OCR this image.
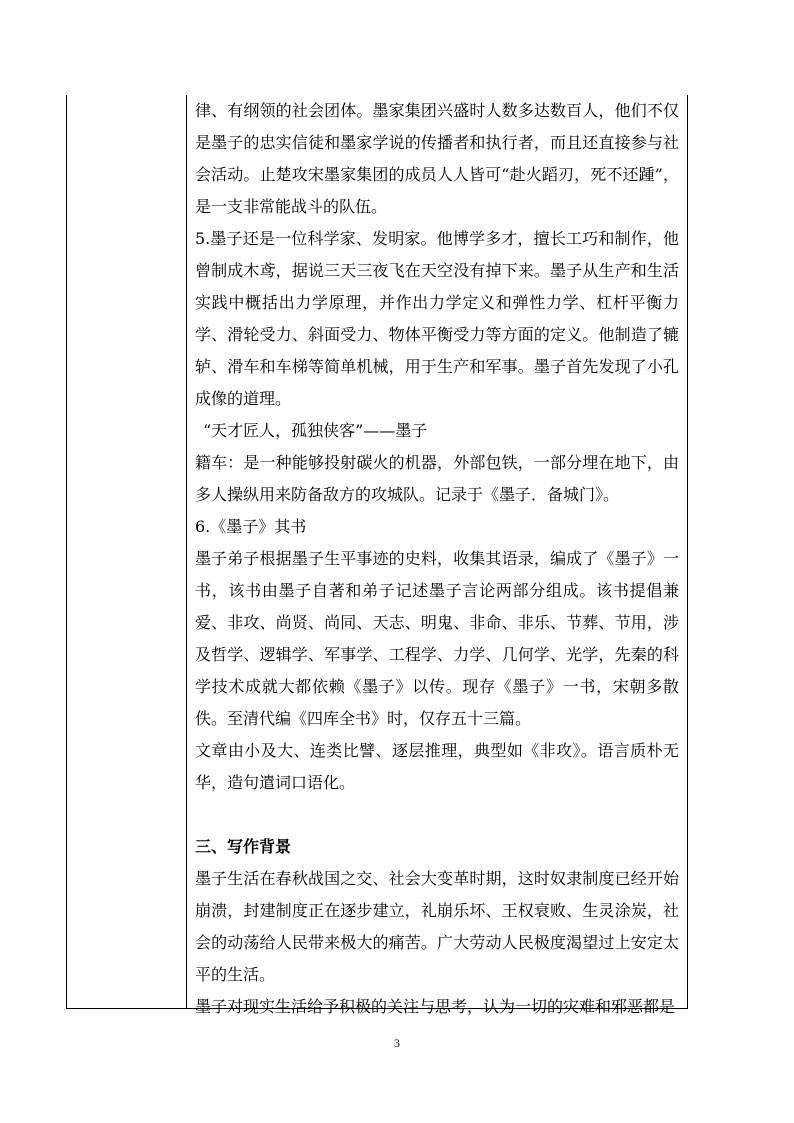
律、有纲领的社会团体。墨家集团兴盛时人数多达数百人，他们不仅是墨子的忠实信徒和墨家学说的传播者和执行者，而且还直接参与社会活动。止楚攻宋墨家集团的成员人人皆可“赴火蹈刃，死不还踵”，是一支非常能战斗的队伍。

5.墨子还是一位科学家、发明家。他博学多才，擅长工巧和制作，他曾制成木鸢，据说三天三夜飞在天空没有掉下来。墨子从生产和生活实践中概括出力学原理，并作出力学定义和弹性力学、杠杆平衡力学、滑轮受力、斜面受力、物体平衡受力等方面的定义。他制造了辘轳、滑车和车梯等简单机械，用于生产和军事。墨子首先发现了小孔成像的道理。

“天才匠人，孤独侠客”——墨子

籍车：是一种能够投射碳火的机器，外部包铁，一部分埋在地下，由多人操纵用来防备敌方的攻城队。记录于《墨子．备城门》。

6.《墨子》其书

墨子弟子根据墨子生平事迹的史料，收集其语录，编成了《墨子》一书，该书由墨子自著和弟子记述墨子言论两部分组成。该书提倡兼爱、非攻、尚贤、尚同、天志、明鬼、非命、非乐、节葬、节用，涉及哲学、逻辑学、军事学、工程学、力学、几何学、光学，先秦的科学技术成就大都依赖《墨子》以传。现存《墨子》一书，宋朝多散佚。至清代编《四库全书》时，仅存五十三篇。

文章由小及大、连类比譬、逐层推理，典型如《非攻》。语言质朴无华，造句遣词口语化。

三、写作背景

墨子生活在春秋战国之交、社会大变革时期，这时奴隶制度已经开始崩溃，封建制度正在逐步建立，礼崩乐坏、王权衰败、生灵涂炭，社会的动荡给人民带来极大的痛苦。广大劳动人民极度渴望过上安定太平的生活。

墨子对现实生活给予积极的关注与思考，认为一切的灾难和邪恶都是

3
